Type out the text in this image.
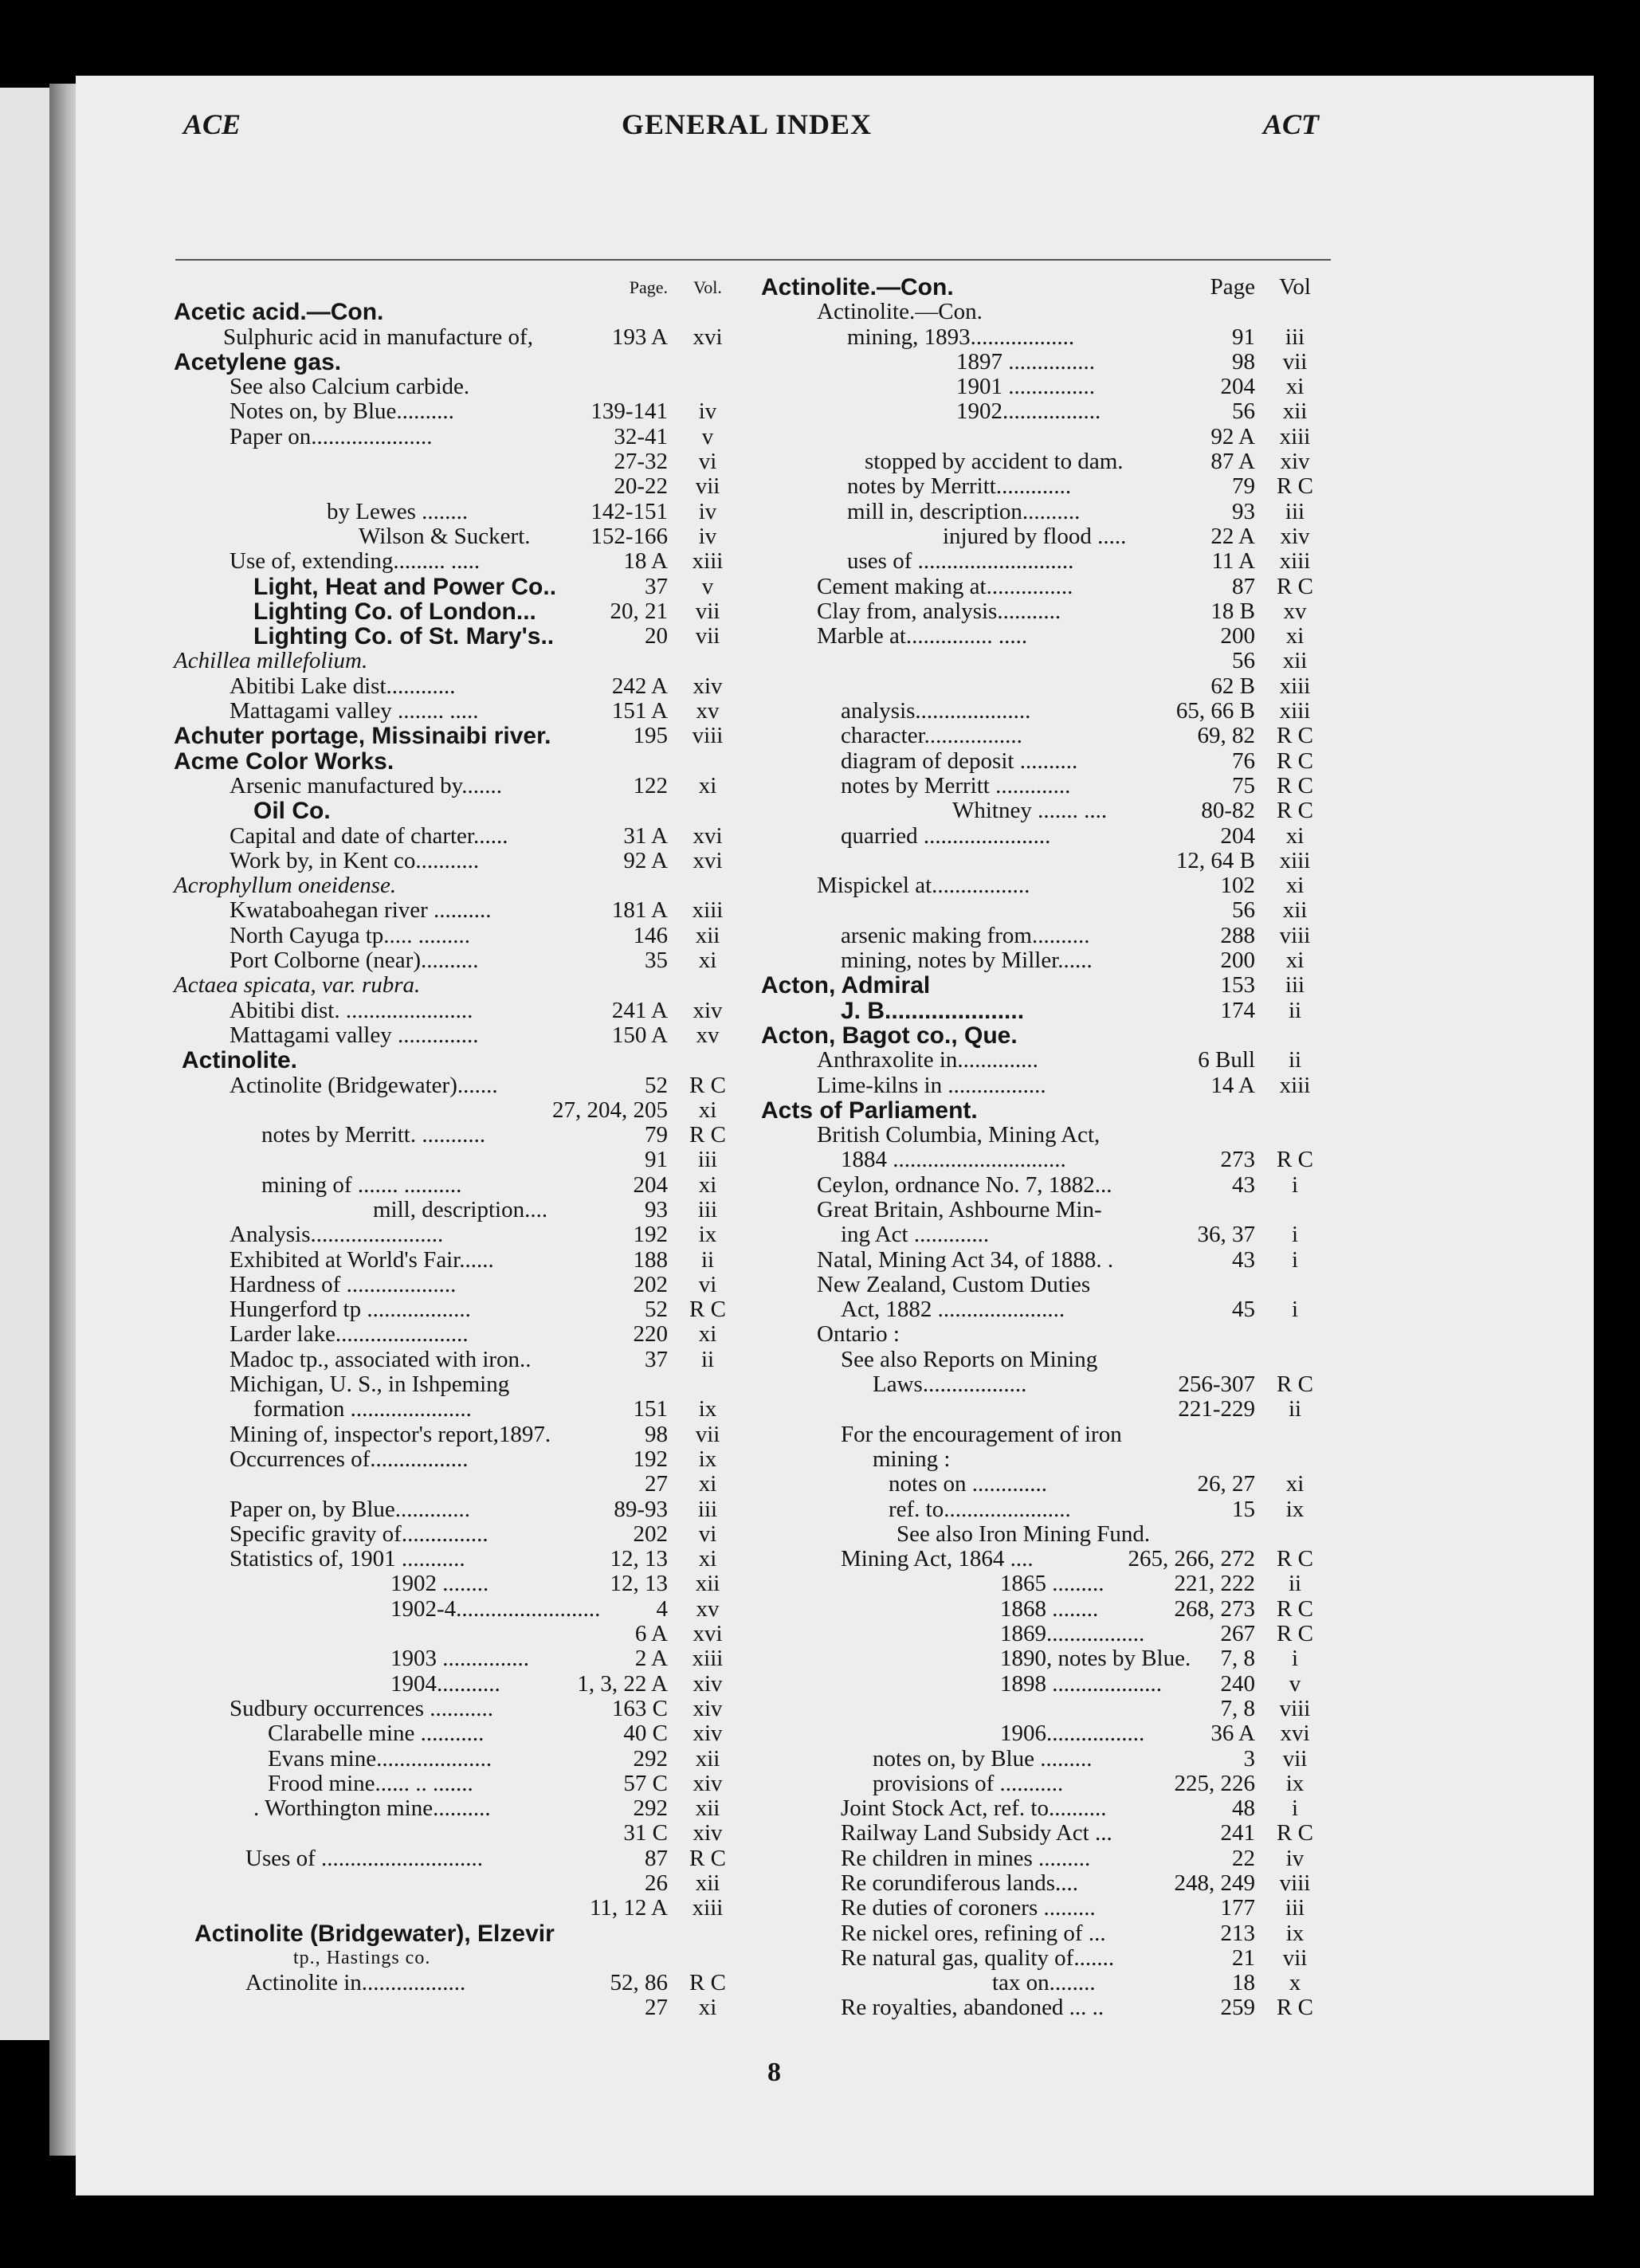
ACE	GENERAL INDEX	ACT
Page.	Vol.
Acetic acid.—Con.
Sulphuric acid in manufacture of,	193 A	xvi
Acetylene gas.
See also Calcium carbide.
Notes on, by Blue..........	139-141	iv
Paper on.....................	32-41	v
27-32	vi
20-22	vii
by Lewes ........	142-151	iv
Wilson & Suckert.	152-166	iv
Use of, extending......... .....	18 A	xiii
Light, Heat and Power Co..	37	v
Lighting Co. of London...	20, 21	vii
Lighting Co. of St. Mary's..	20	vii
Achillea millefolium.
Abitibi Lake dist............	242 A	xiv
Mattagami valley ........ .....	151 A	xv
Achuter portage, Missinaibi river.	195	viii
Acme Color Works.
Arsenic manufactured by.......	122	xi
Oil Co.
Capital and date of charter......	31 A	xvi
Work by, in Kent co...........	92 A	xvi
Acrophyllum oneidense.
Kwataboahegan river ..........	181 A	xiii
North Cayuga tp..... .........	146	xii
Port Colborne (near)..........	35	xi
Actaea spicata, var. rubra.
Abitibi dist. ......................	241 A	xiv
Mattagami valley ..............	150 A	xv
Actinolite.
Actinolite (Bridgewater).......	52 R C
27, 204, 205	xi
notes by Merritt. ...........	79 R C
91	iii
mining of ....... ..........	204	xi
mill, description....	93	iii
Analysis.......................	192	ix
Exhibited at World's Fair......	188	ii
Hardness of ...................	202	vi
Hungerford tp ..................	52 R C
Larder lake.......................	220	xi
Madoc tp., associated with iron..	37	ii
Michigan, U. S., in Ishpeming
formation .....................	151	ix
Mining of, inspector's report,1897.	98	vii
Occurrences of.................	192	ix
27	xi
Paper on, by Blue.............	89-93	iii
Specific gravity of...............	202	vi
Statistics of, 1901 ...........	12, 13	xi
1902 ........	12, 13	xii
1902-4......................... 4	xv
6 A	xvi
1903 ...............	2 A	xiii
1904...........	1, 3, 22 A	xiv
Sudbury occurrences ...........	163 C	xiv
Clarabelle mine ...........	40 C	xiv
Evans mine....................	292	xii
Frood mine...... .. .......	57 C	xiv
. Worthington mine..........	292	xii
31 C	xiv
Uses of ............................	87 R C
26	xii
11, 12 A	xiii
Actinolite (Bridgewater), Elzevir
tp., Hastings co.
Actinolite in..................	52, 86 R C
27	xi
Actinolite.—Con.	Page	Vol
Actinolite.—Con.
mining, 1893..................	91	iii
1897 ...............	98	vii
1901 ...............	204	xi
1902.................	56	xii
92 A	xiii
stopped by accident to dam.	87 A	xiv
notes by Merritt.............	79 R C
mill in, description..........	93	iii
injured by flood .....	22 A	xiv
uses of ...........................	11 A	xiii
Cement making at...............	87 R C
Clay from, analysis...........	18 B	xv
Marble at............... .....	200	xi
56	xii
62 B	xiii
analysis....................	65, 66 B	xiii
character.................	69, 82 R C
diagram of deposit ..........	76 R C
notes by Merritt .............	75 R C
Whitney ....... ....	80-82 R C
quarried ......................	204	xi
12, 64 B	xiii
Mispickel at.................	102	xi
56	xii
arsenic making from..........	288	viii
mining, notes by Miller......	200	xi
Acton, Admiral	153	iii
J. B.....................	174	ii
Acton, Bagot co., Que.
Anthraxolite in..............	6 Bull	ii
Lime-kilns in .................	14 A	xiii
Acts of Parliament.
British Columbia, Mining Act,
1884 ..............................	273 R C
Ceylon, ordnance No. 7, 1882...	43	i
Great Britain, Ashbourne Min-
ing Act .............	36, 37	i
Natal, Mining Act 34, of 1888. .	43	i
New Zealand, Custom Duties
Act, 1882 ......................	45	i
Ontario :
See also Reports on Mining
Laws..................	256-307 R C
221-229	ii
For the encouragement of iron
mining :
notes on .............	26, 27	xi
ref. to......................	15	ix
See also Iron Mining Fund.
Mining Act, 1864 ....	265, 266, 272 R C
1865 .........	221, 222	ii
1868 ........	268, 273 R C
1869.................	267 R C
1890, notes by Blue. 7, 8	i
1898 ...................	240	v
7, 8	viii
1906.................	36 A	xvi
notes on, by Blue .........	3	vii
provisions of ...........	225, 226	ix
Joint Stock Act, ref. to..........	48	i
Railway Land Subsidy Act ...	241 R C
Re children in mines .........	22	iv
Re corundiferous lands....	248, 249	viii
Re duties of coroners .........	177	iii
Re nickel ores, refining of ...	213	ix
Re natural gas, quality of.......	21	vii
tax on........	18	x
Re royalties, abandoned ... ..	259 R C
8
